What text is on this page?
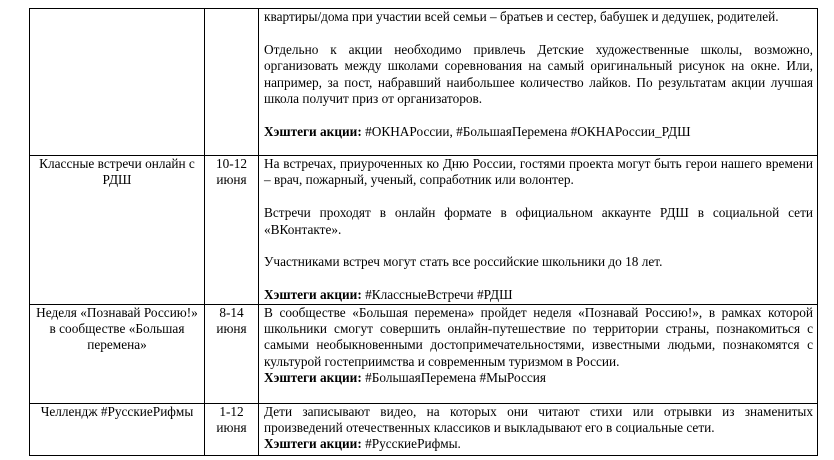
		квартиры/дома при участии всей семьи – братьев и сестер, бабушек и дедушек, родителей.

Отдельно к акции необходимо привлечь Детские художественные школы, возможно, организовать между школами соревнования на самый оригинальный рисунок на окне. Или, например, за пост, набравший наибольшее количество лайков. По результатам акции лучшая школа получит приз от организаторов.

Хэштеги акции: #ОКНАРоссии, #БольшаяПеремена #ОКНАРоссии_РДШ

Классные встречи онлайн с РДШ	10-12 июня	На встречах, приуроченных ко Дню России, гостями проекта могут быть герои нашего времени – врач, пожарный, ученый, сопработник или волонтер.

Встречи проходят в онлайн формате в официальном аккаунте РДШ в социальной сети «ВКонтакте».

Участниками встреч могут стать все российские школьники до 18 лет.

Хэштеги акции: #КлассныеВстречи #РДШ

Неделя «Познавай Россию!» в сообществе «Большая перемена»	8-14 июня	В сообществе «Большая перемена» пройдет неделя «Познавай Россию!», в рамках которой школьники смогут совершить онлайн-путешествие по территории страны, познакомиться с самыми необыкновенными достопримечательностями, известными людьми, познакомятся с культурой гостеприимства и современным туризмом в России.

Хэштеги акции: #БольшаяПеремена #МыРоссия

Челлендж #РусскиеРифмы	1-12 июня	Дети записывают видео, на которых они читают стихи или отрывки из знаменитых произведений отечественных классиков и выкладывают его в социальные сети.

Хэштеги акции: #РусскиеРифмы.
